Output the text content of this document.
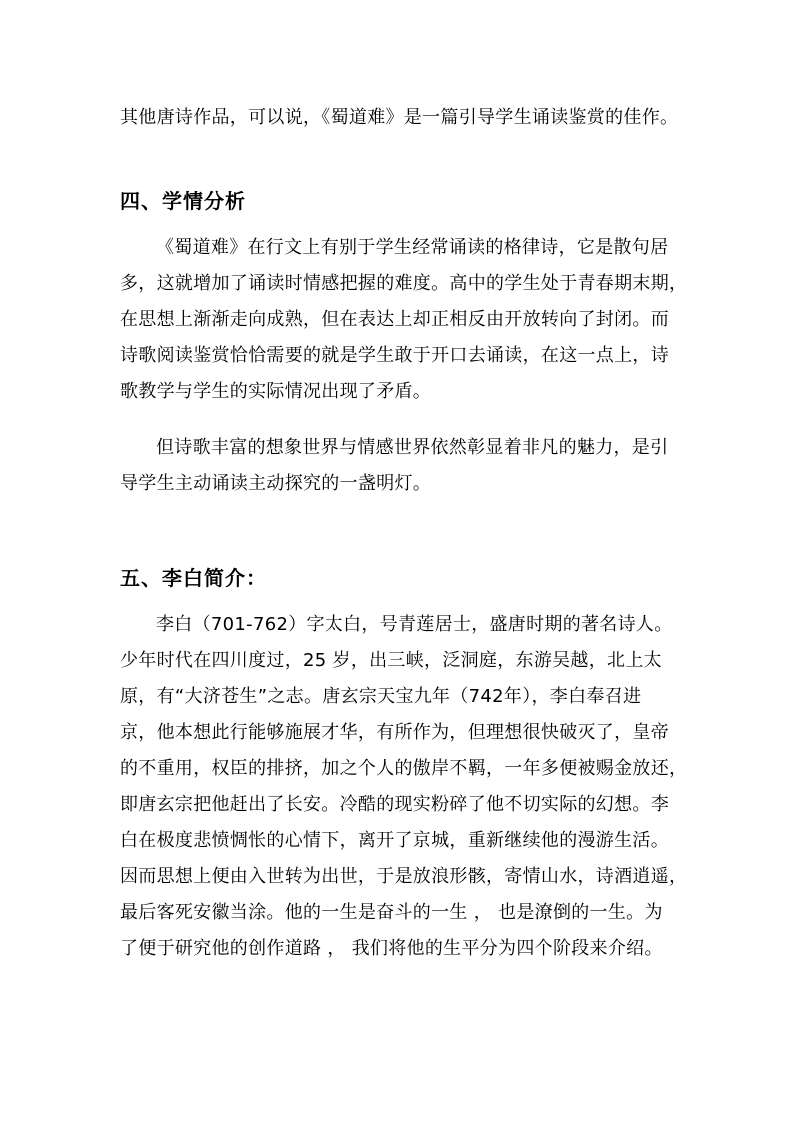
其他唐诗作品，可以说，《蜀道难》是一篇引导学生诵读鉴赏的佳作。
四、学情分析
《蜀道难》在行文上有别于学生经常诵读的格律诗，它是散句居
多，这就增加了诵读时情感把握的难度。高中的学生处于青春期末期，
在思想上渐渐走向成熟，但在表达上却正相反由开放转向了封闭。而
诗歌阅读鉴赏恰恰需要的就是学生敢于开口去诵读，在这一点上，诗
歌教学与学生的实际情况出现了矛盾。
但诗歌丰富的想象世界与情感世界依然彰显着非凡的魅力，是引
导学生主动诵读主动探究的一盏明灯。
五、李白简介：
李白（701-762）字太白，号青莲居士，盛唐时期的著名诗人。
少年时代在四川度过，25 岁，出三峡，泛洞庭，东游吴越，北上太
原，有“大济苍生”之志。唐玄宗天宝九年（742年），李白奉召进
京，他本想此行能够施展才华，有所作为，但理想很快破灭了，皇帝
的不重用，权臣的排挤，加之个人的傲岸不羁，一年多便被赐金放还，
即唐玄宗把他赶出了长安。冷酷的现实粉碎了他不切实际的幻想。李
白在极度悲愤惆怅的心情下，离开了京城，重新继续他的漫游生活。
因而思想上便由入世转为出世，于是放浪形骸，寄情山水，诗酒逍遥，
最后客死安徽当涂。他的一生是奋斗的一生 ， 也是潦倒的一生。为
了便于研究他的创作道路 ， 我们将他的生平分为四个阶段来介绍。
